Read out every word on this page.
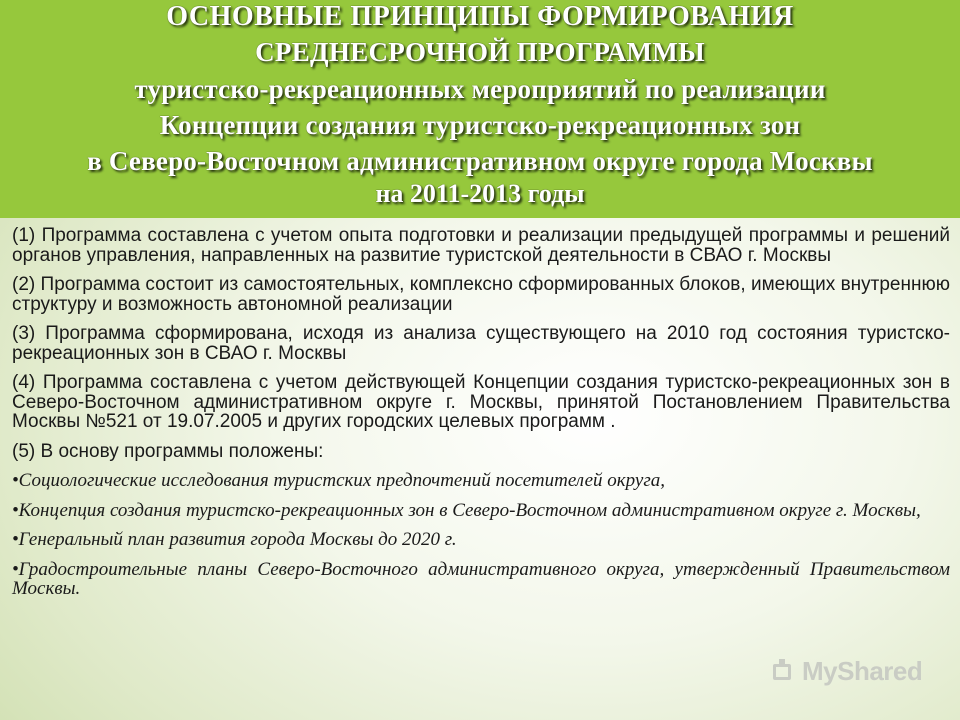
ОСНОВНЫЕ ПРИНЦИПЫ ФОРМИРОВАНИЯ
СРЕДНЕСРОЧНОЙ ПРОГРАММЫ
туристско-рекреационных мероприятий по реализации
Концепции создания туристско-рекреационных зон
в Северо-Восточном административном округе города Москвы
на 2011-2013 годы

(1) Программа составлена с учетом опыта подготовки и реализации предыдущей программы и решений органов управления, направленных на развитие туристской деятельности в СВАО г. Москвы

(2) Программа состоит из самостоятельных, комплексно сформированных блоков, имеющих внутреннюю структуру и возможность автономной реализации

(3) Программа сформирована, исходя из анализа существующего на 2010 год состояния туристско-рекреационных зон в СВАО г. Москвы

(4) Программа составлена с учетом действующей Концепции создания туристско-рекреационных зон в Северо-Восточном административном округе г. Москвы, принятой Постановлением Правительства Москвы №521 от 19.07.2005 и других городских целевых программ .

(5) В основу программы положены:

•Социологические исследования туристских предпочтений посетителей округа,

•Концепция создания туристско-рекреационных зон в Северо-Восточном административном округе г. Москвы,

•Генеральный план развития города Москвы до 2020 г.

•Градостроительные планы Северо-Восточного административного округа, утвержденный Правительством Москвы.

MyShared
